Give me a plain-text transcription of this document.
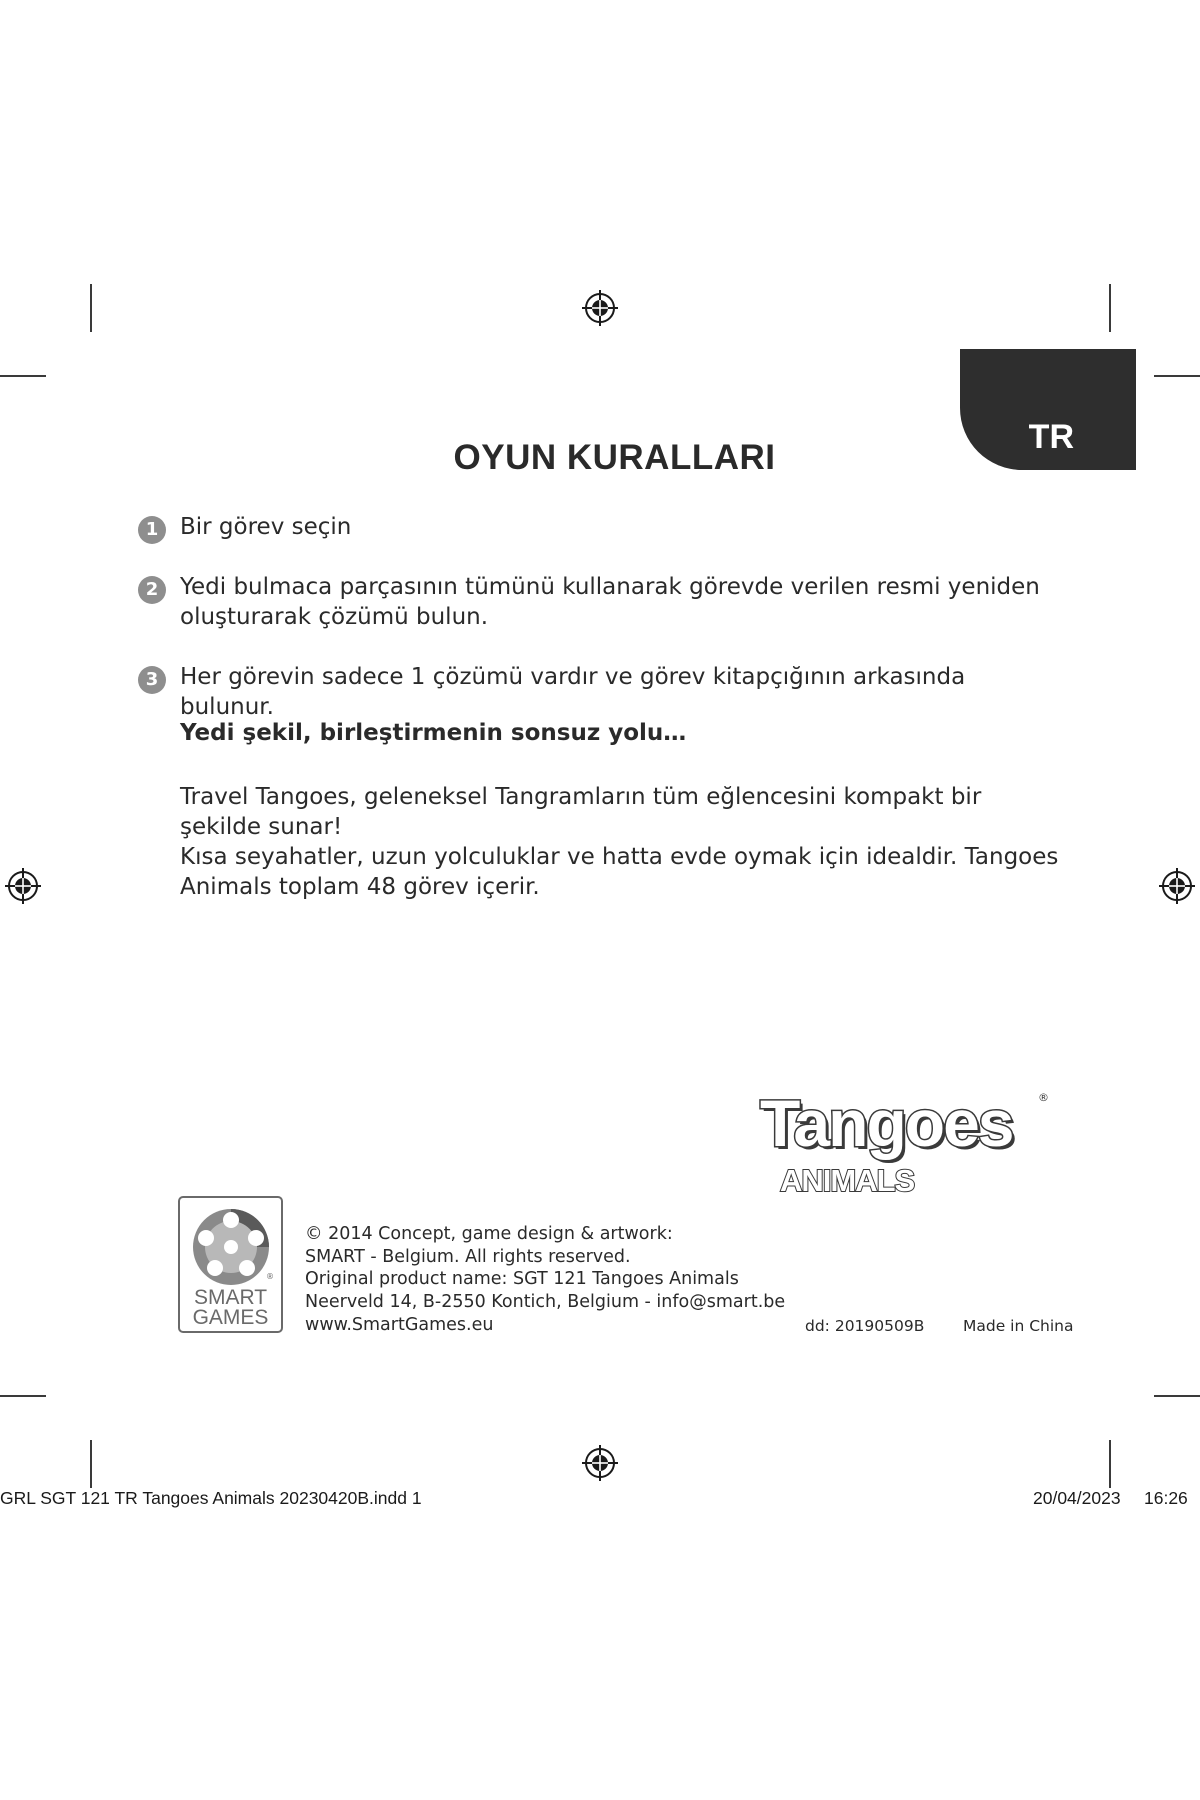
TR
OYUN KURALLARI
1 Bir görev seçin
2 Yedi bulmaca parçasının tümünü kullanarak görevde verilen resmi yeniden oluşturarak çözümü bulun.
3 Her görevin sadece 1 çözümü vardır ve görev kitapçığının arkasında bulunur.
Yedi şekil, birleştirmenin sonsuz yolu…

Travel Tangoes, geleneksel Tangramların tüm eğlencesini kompakt bir şekilde sunar!

Kısa seyahatler, uzun yolculuklar ve hatta evde oymak için idealdir. Tangoes Animals toplam 48 görev içerir.

Tangoes ®
ANIMALS
®
SMART
GAMES
© 2014 Concept, game design & artwork:
SMART - Belgium. All rights reserved.
Original product name: SGT 121 Tangoes Animals
Neerveld 14, B-2550 Kontich, Belgium - info@smart.be
www.SmartGames.eu	dd: 20190509B Made in China
GRL SGT 121 TR Tangoes Animals 20230420B.indd 1	20/04/2023 16:26
